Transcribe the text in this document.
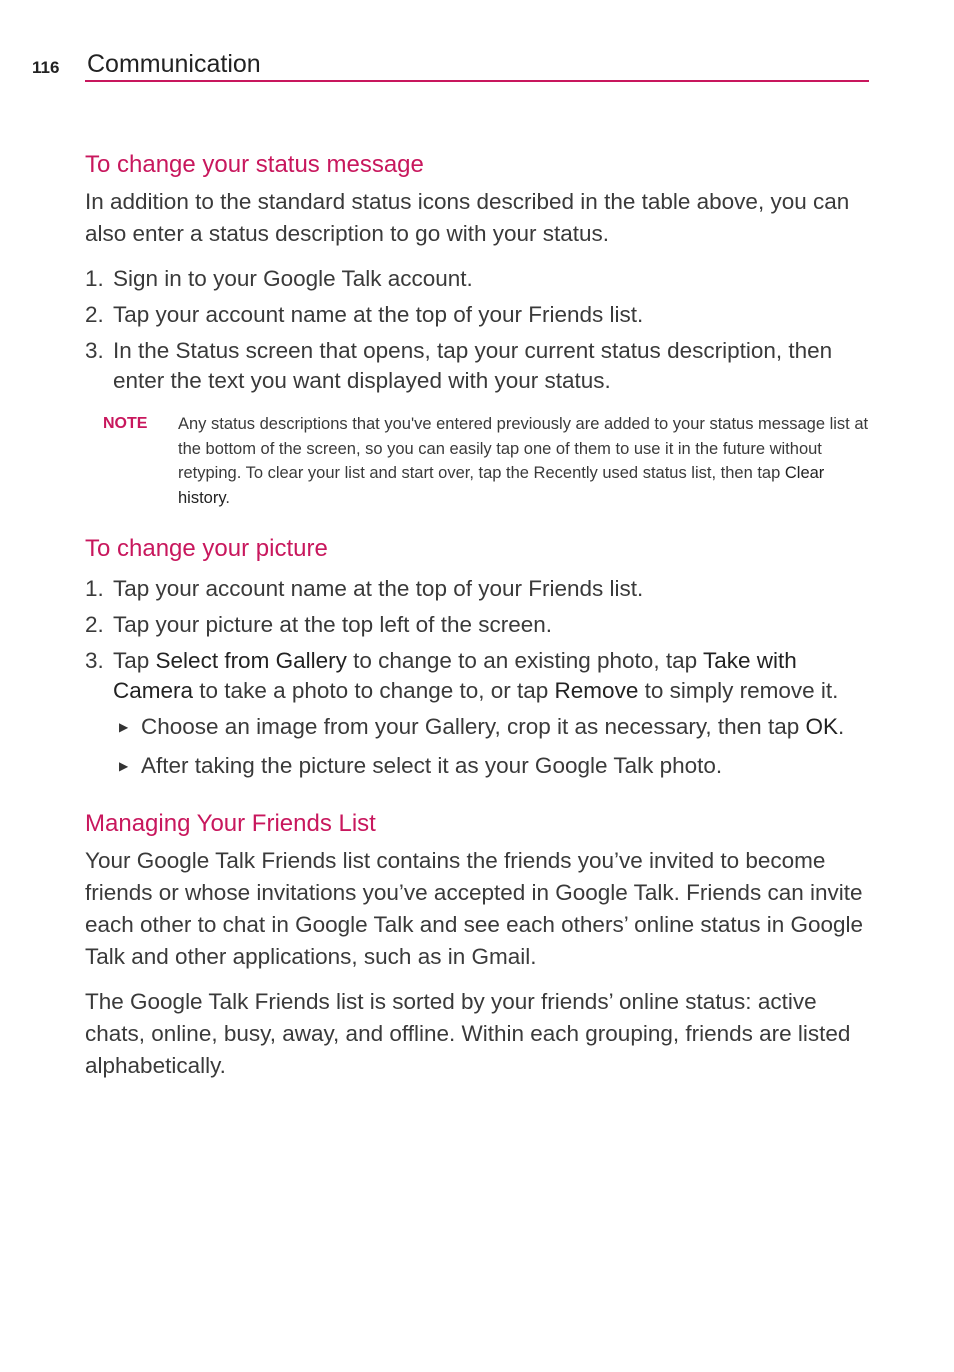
116 Communication
To change your status message

In addition to the standard status icons described in the table above, you can also enter a status description to go with your status.

1. Sign in to your Google Talk account.
2. Tap your account name at the top of your Friends list.
3. In the Status screen that opens, tap your current status description, then enter the text you want displayed with your status.
NOTE Any status descriptions that you've entered previously are added to your status message list at the bottom of the screen, so you can easily tap one of them to use it in the future without retyping. To clear your list and start over, tap the Recently used status list, then tap Clear history.
To change your picture
1. Tap your account name at the top of your Friends list.
2. Tap your picture at the top left of the screen.
3. Tap Select from Gallery to change to an existing photo, tap Take with Camera to take a photo to change to, or tap Remove to simply remove it.
▶ Choose an image from your Gallery, crop it as necessary, then tap OK.
▶ After taking the picture select it as your Google Talk photo.
Managing Your Friends List

Your Google Talk Friends list contains the friends you’ve invited to become friends or whose invitations you’ve accepted in Google Talk. Friends can invite each other to chat in Google Talk and see each others’ online status in Google Talk and other applications, such as in Gmail.

The Google Talk Friends list is sorted by your friends’ online status: active chats, online, busy, away, and offline. Within each grouping, friends are listed alphabetically.
